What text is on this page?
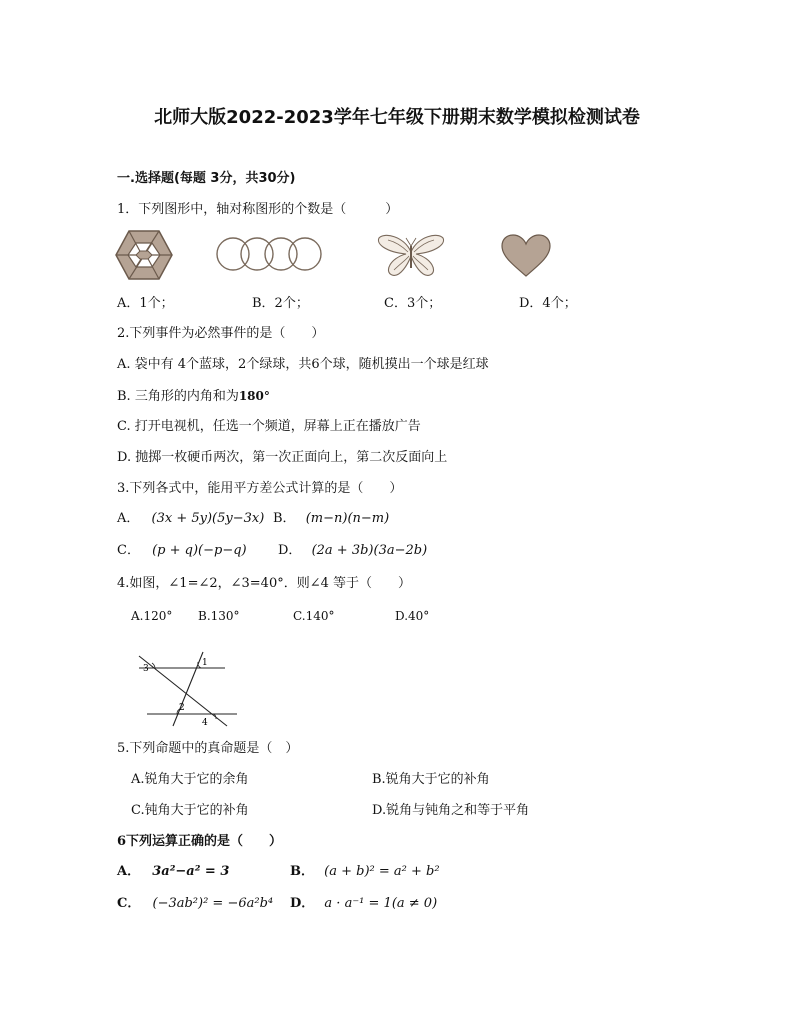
北师大版2022-2023学年七年级下册期末数学模拟检测试卷
一.选择题(每题 3分，共30分)
1．下列图形中，轴对称图形的个数是（　　　）
A．1个；	B．2个；	C．3个；	D．4个；
2.下列事件为必然事件的是（　　）
A. 袋中有 4个蓝球，2个绿球，共6个球，随机摸出一个球是红球
B. 三角形的内角和为180°
C. 打开电视机，任选一个频道，屏幕上正在播放广告
D. 抛掷一枚硬币两次，第一次正面向上，第二次反面向上
3.下列各式中，能用平方差公式计算的是（　　）
A． (3x + 5y)(5y−3x) B． (m−n)(n−m)
C． (p + q)(−p−q) D． (2a + 3b)(3a−2b)
4.如图，∠1=∠2，∠3=40°．则∠4 等于（　　）
A.120° B.130°	C.140°	D.40°
3
1
2
4
5.下列命题中的真命题是（　）
A.锐角大于它的余角	B.锐角大于它的补角
C.钝角大于它的补角	D.锐角与钝角之和等于平角
6下列运算正确的是（　　）
A． 3a²−a² = 3	B． (a + b)² = a² + b²
C． (−3ab²)² = −6a²b⁴ D． a · a⁻¹ = 1(a ≠ 0)
